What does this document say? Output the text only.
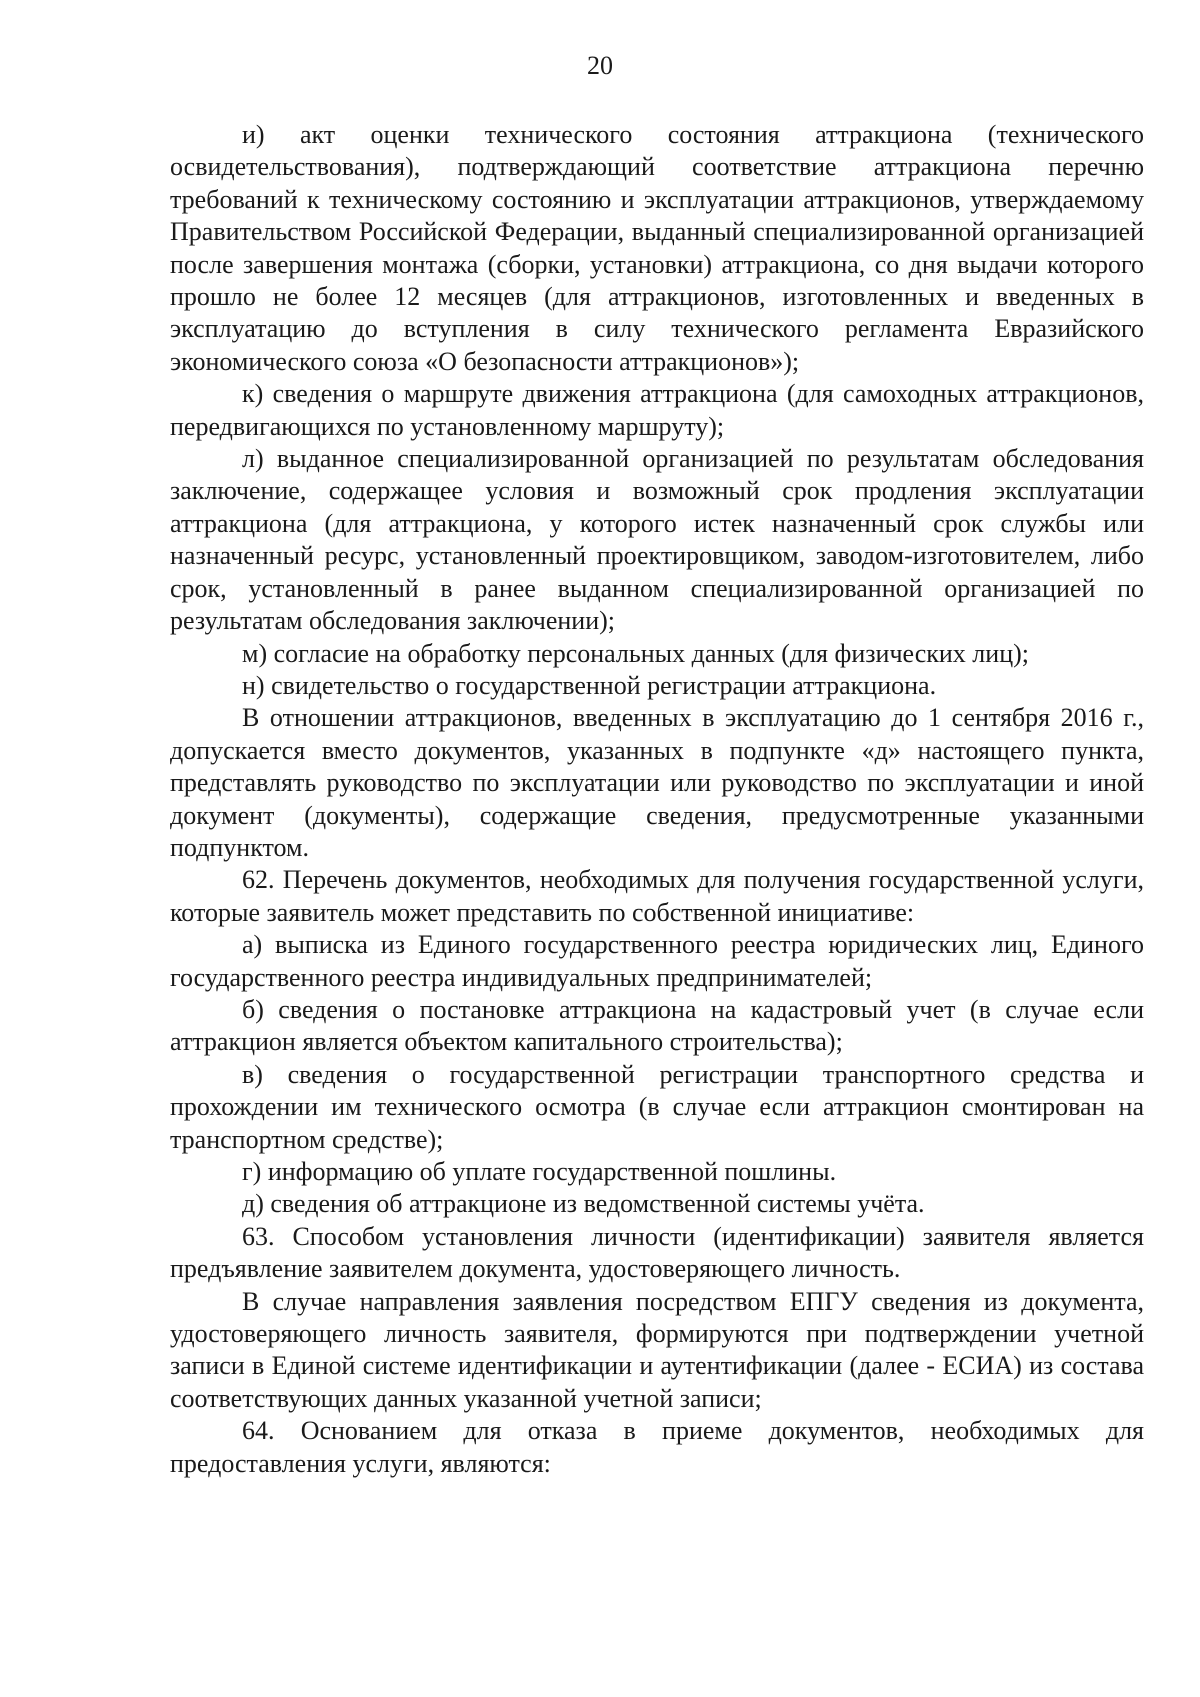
20

и) акт оценки технического состояния аттракциона (технического освидетельствования), подтверждающий соответствие аттракциона перечню требований к техническому состоянию и эксплуатации аттракционов, утверждаемому Правительством Российской Федерации, выданный специализированной организацией после завершения монтажа (сборки, установки) аттракциона, со дня выдачи которого прошло не более 12 месяцев (для аттракционов, изготовленных и введенных в эксплуатацию до вступления в силу технического регламента Евразийского экономического союза «О безопасности аттракционов»);

к) сведения о маршруте движения аттракциона (для самоходных аттракционов, передвигающихся по установленному маршруту);

л) выданное специализированной организацией по результатам обследования заключение, содержащее условия и возможный срок продления эксплуатации аттракциона (для аттракциона, у которого истек назначенный срок службы или назначенный ресурс, установленный проектировщиком, заводом-изготовителем, либо срок, установленный в ранее выданном специализированной организацией по результатам обследования заключении);

м) согласие на обработку персональных данных (для физических лиц);

н) свидетельство о государственной регистрации аттракциона.

В отношении аттракционов, введенных в эксплуатацию до 1 сентября 2016 г., допускается вместо документов, указанных в подпункте «д» настоящего пункта, представлять руководство по эксплуатации или руководство по эксплуатации и иной документ (документы), содержащие сведения, предусмотренные указанными подпунктом.

62. Перечень документов, необходимых для получения государственной услуги, которые заявитель может представить по собственной инициативе:

а) выписка из Единого государственного реестра юридических лиц, Единого государственного реестра индивидуальных предпринимателей;

б) сведения о постановке аттракциона на кадастровый учет (в случае если аттракцион является объектом капитального строительства);

в) сведения о государственной регистрации транспортного средства и прохождении им технического осмотра (в случае если аттракцион смонтирован на транспортном средстве);

г) информацию об уплате государственной пошлины.

д) сведения об аттракционе из ведомственной системы учёта.

63. Способом установления личности (идентификации) заявителя является предъявление заявителем документа, удостоверяющего личность.

В случае направления заявления посредством ЕПГУ сведения из документа, удостоверяющего личность заявителя, формируются при подтверждении учетной записи в Единой системе идентификации и аутентификации (далее - ЕСИА) из состава соответствующих данных указанной учетной записи;

64. Основанием для отказа в приеме документов, необходимых для предоставления услуги, являются:
